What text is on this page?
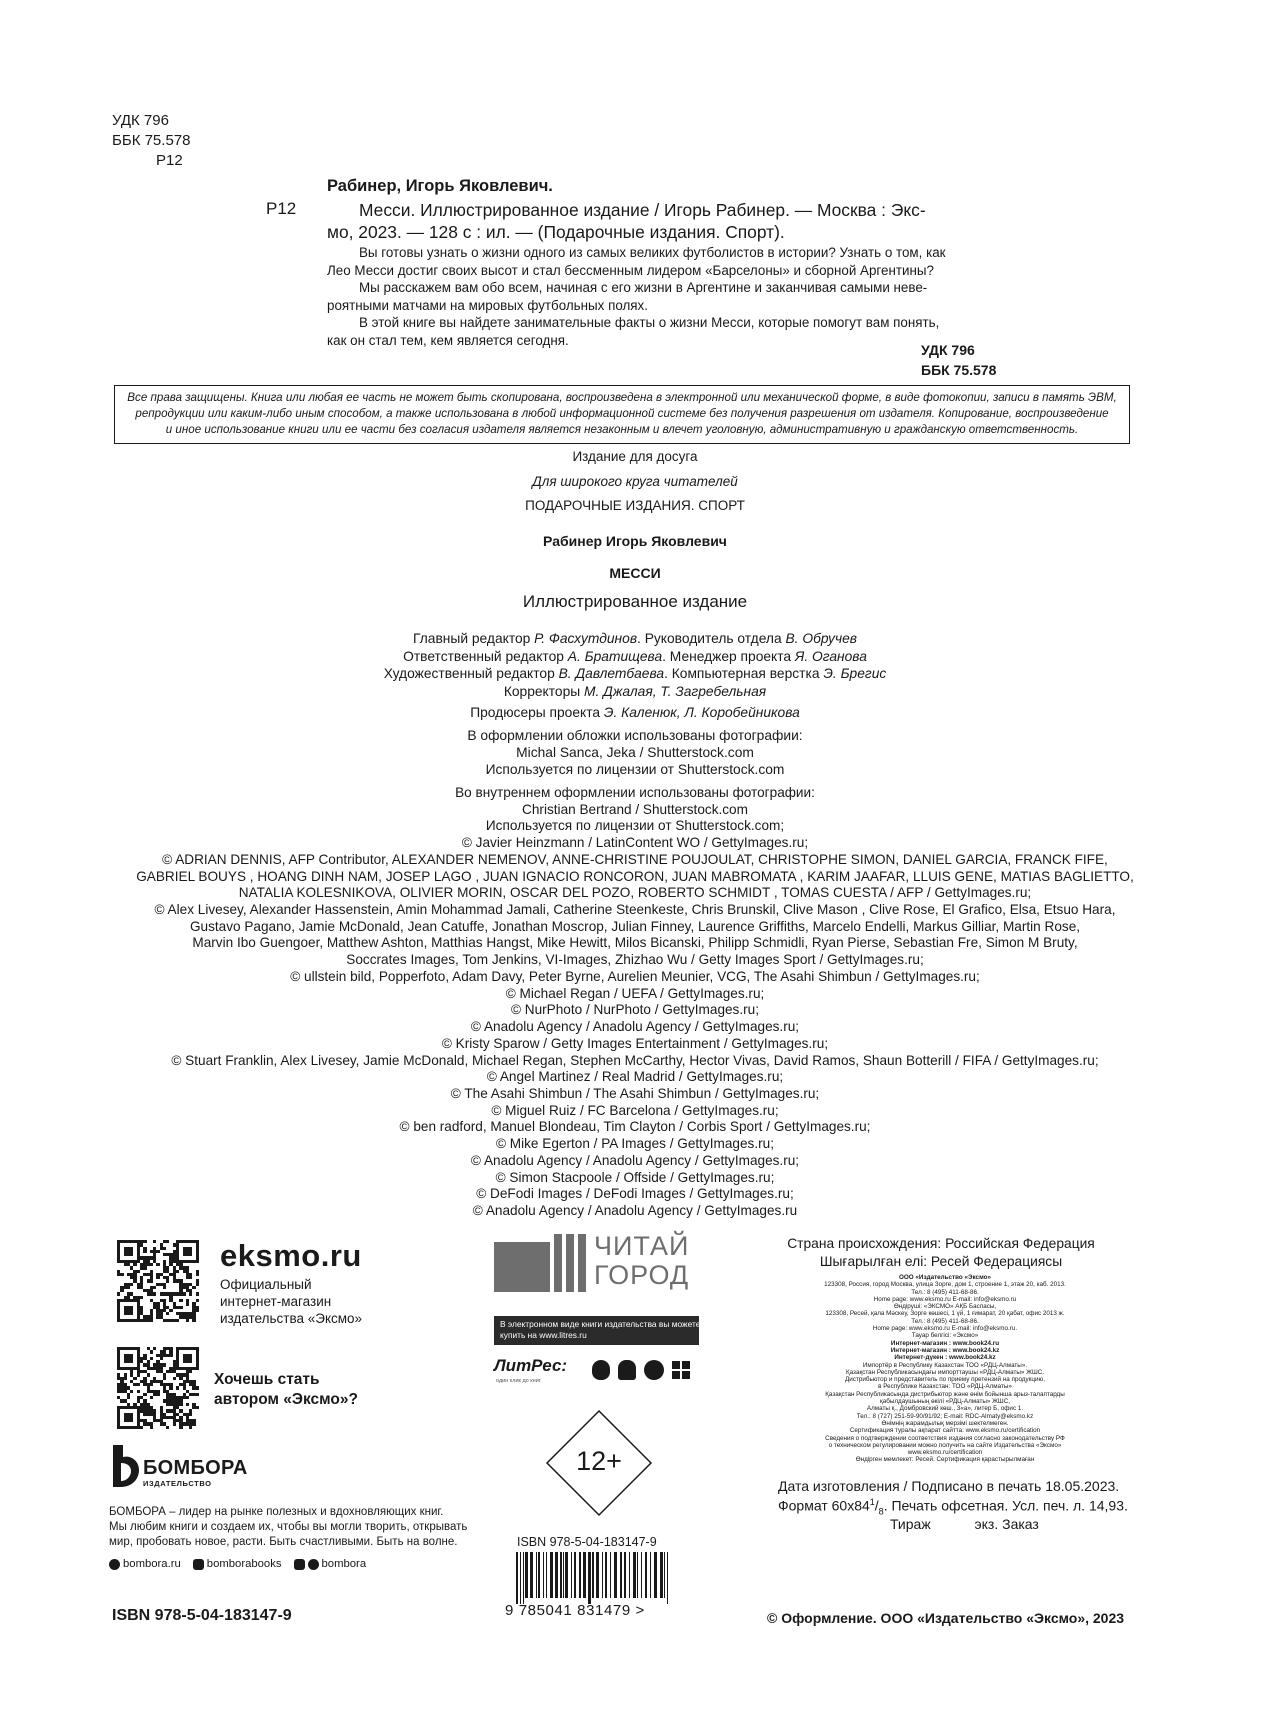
УДК 796
ББК 75.578
Р12
Р12
Рабинер, Игорь Яковлевич.
Месси. Иллюстрированное издание / Игорь Рабинер. — Москва : Экс-
мо, 2023. — 128 с : ил. — (Подарочные издания. Спорт).

Вы готовы узнать о жизни одного из самых великих футболистов в истории? Узнать о том, как

Лео Месси достиг своих высот и стал бессменным лидером «Барселоны» и сборной Аргентины?

Мы расскажем вам обо всем, начиная с его жизни в Аргентине и заканчивая самыми неве-

роятными матчами на мировых футбольных полях.

В этой книге вы найдете занимательные факты о жизни Месси, которые помогут вам понять,

как он стал тем, кем является сегодня.

УДК 796
ББК 75.578

Все права защищены. Книга или любая ее часть не может быть скопирована, воспроизведена в электронной или механической форме, в виде фотокопии, записи в память ЭВМ,

репродукции или каким-либо иным способом, а также использована в любой информационной системе без получения разрешения от издателя. Копирование, воспроизведение

и иное использование книги или ее части без согласия издателя является незаконным и влечет уголовную, административную и гражданскую ответственность.

Издание для досуга
Для широкого круга читателей
ПОДАРОЧНЫЕ ИЗДАНИЯ. СПОРТ
Рабинер Игорь Яковлевич
МЕССИ
Иллюстрированное издание

Главный редактор Р. Фасхутдинов. Руководитель отдела В. Обручев

Ответственный редактор А. Братищева. Менеджер проекта Я. Оганова

Художественный редактор В. Давлетбаева. Компьютерная верстка Э. Брегис

Корректоры М. Джалая, Т. Загребельная

Продюсеры проекта Э. Каленюк, Л. Коробейникова

В оформлении обложки использованы фотографии:

Michal Sanca, Jeka / Shutterstock.com

Используется по лицензии от Shutterstock.com

Во внутреннем оформлении использованы фотографии:

Christian Bertrand / Shutterstock.com

Используется по лицензии от Shutterstock.com;

© Javier Heinzmann / LatinContent WO / GettyImages.ru;

© ADRIAN DENNIS, AFP Contributor, ALEXANDER NEMENOV, ANNE-CHRISTINE POUJOULAT, CHRISTOPHE SIMON, DANIEL GARCIA, FRANCK FIFE,

GABRIEL BOUYS , HOANG DINH NAM, JOSEP LAGO , JUAN IGNACIO RONCORON, JUAN MABROMATA , KARIM JAAFAR, LLUIS GENE, MATIAS BAGLIETTO,

NATALIA KOLESNIKOVA, OLIVIER MORIN, OSCAR DEL POZO, ROBERTO SCHMIDT , TOMAS CUESTA / AFP / GettyImages.ru;

© Alex Livesey, Alexander Hassenstein, Amin Mohammad Jamali, Catherine Steenkeste, Chris Brunskil, Clive Mason , Clive Rose, El Grafico, Elsa, Etsuo Hara,

Gustavo Pagano, Jamie McDonald, Jean Catuffe, Jonathan Moscrop, Julian Finney, Laurence Griffiths, Marcelo Endelli, Markus Gilliar, Martin Rose,

Marvin Ibo Guengoer, Matthew Ashton, Matthias Hangst, Mike Hewitt, Milos Bicanski, Philipp Schmidli, Ryan Pierse, Sebastian Fre, Simon M Bruty,

Soccrates Images, Tom Jenkins, VI-Images, Zhizhao Wu / Getty Images Sport / GettyImages.ru;

© ullstein bild, Popperfoto, Adam Davy, Peter Byrne, Aurelien Meunier, VCG, The Asahi Shimbun / GettyImages.ru;

© Michael Regan / UEFA / GettyImages.ru;

© NurPhoto / NurPhoto / GettyImages.ru;

© Anadolu Agency / Anadolu Agency / GettyImages.ru;

© Kristy Sparow / Getty Images Entertainment / GettyImages.ru;

© Stuart Franklin, Alex Livesey, Jamie McDonald, Michael Regan, Stephen McCarthy, Hector Vivas, David Ramos, Shaun Botterill / FIFA / GettyImages.ru;

© Angel Martinez / Real Madrid / GettyImages.ru;

© The Asahi Shimbun / The Asahi Shimbun / GettyImages.ru;

© Miguel Ruiz / FC Barcelona / GettyImages.ru;

© ben radford, Manuel Blondeau, Tim Clayton / Corbis Sport / GettyImages.ru;

© Mike Egerton / PA Images / GettyImages.ru;

© Anadolu Agency / Anadolu Agency / GettyImages.ru;

© Simon Stacpoole / Offside / GettyImages.ru;

© DeFodi Images / DeFodi Images / GettyImages.ru;

© Anadolu Agency / Anadolu Agency / GettyImages.ru

eksmo.ru

Официальный

интернет-магазин

издательства «Эксмо»

Хочешь стать

автором «Эксмо»?

БОМБОРА
ИЗДАТЕЛЬСТВО

БОМБОРА – лидер на рынке полезных и вдохновляющих книг.

Мы любим книги и создаем их, чтобы вы могли творить, открывать

мир, пробовать новое, расти. Быть счастливыми. Быть на волне.

bombora.ru bomborabooks	bombora
ISBN 978-5-04-183147-9

ЧИТАЙ

ГОРОД

В электронном виде книги издательства вы можете
купить на www.litres.ru
ЛитРес:
один клик до книг
12+
ISBN 978-5-04-183147-9
9 785041 831479 >
Страна происхождения: Российская Федерация
Шығарылған елі: Ресей Федерациясы

ООО «Издательство «Эксмо»

123308, Россия, город Москва, улица Зорге, дом 1, строение 1, этаж 20, каб. 2013.

Тел.: 8 (495) 411-68-86.

Home page: www.eksmo.ru E-mail: info@eksmo.ru

Өндіруші: «ЭКСМО» АҚБ Баспасы,

123308, Ресей, қала Мәскеу, Зорге көшесі, 1 үй, 1 ғимарат, 20 қабат, офис 2013 ж.

Тел.: 8 (495) 411-68-86.

Home page: www.eksmo.ru E-mail: info@eksmo.ru.

Тауар белгісі: «Эксмо»

Интернет-магазин : www.book24.ru

Интернет-магазин : www.book24.kz

Интернет-дүкен : www.book24.kz

Импортёр в Республику Казахстан ТОО «РДЦ-Алматы».

Қазақстан Республикасындағы импорттаушы «РДЦ-Алматы» ЖШС.

Дистрибьютор и представитель по приему претензий на продукцию,

в Республике Казахстан: ТОО «РДЦ-Алматы»

Қазақстан Республикасында дистрибьютор және өнім бойынша арыз-талаптарды

қабылдаушының өкілі «РДЦ-Алматы» ЖШС,

Алматы қ., Домбровский көш., 3«а», литер Б, офис 1.

Тел.: 8 (727) 251-59-90/91/92; E-mail: RDC-Almaty@eksmo.kz

Өнімнің жарамдылық мерзімі шектелмеген.

Сертификация туралы ақпарат сайтта: www.eksmo.ru/certification

Сведения о подтверждении соответствия издания согласно законодательству РФ

о техническом регулировании можно получить на сайте Издательства «Эксмо»

www.eksmo.ru/certification

Өндірген мемлекет: Ресей. Сертификация қарастырылмаған

Дата изготовления / Подписано в печать 18.05.2023.
Формат $60x84^1/_8$. Печать офсетная. Усл. печ. л. 14,93.
Тираж	экз. Заказ
© Оформление. ООО «Издательство «Эксмо», 2023
